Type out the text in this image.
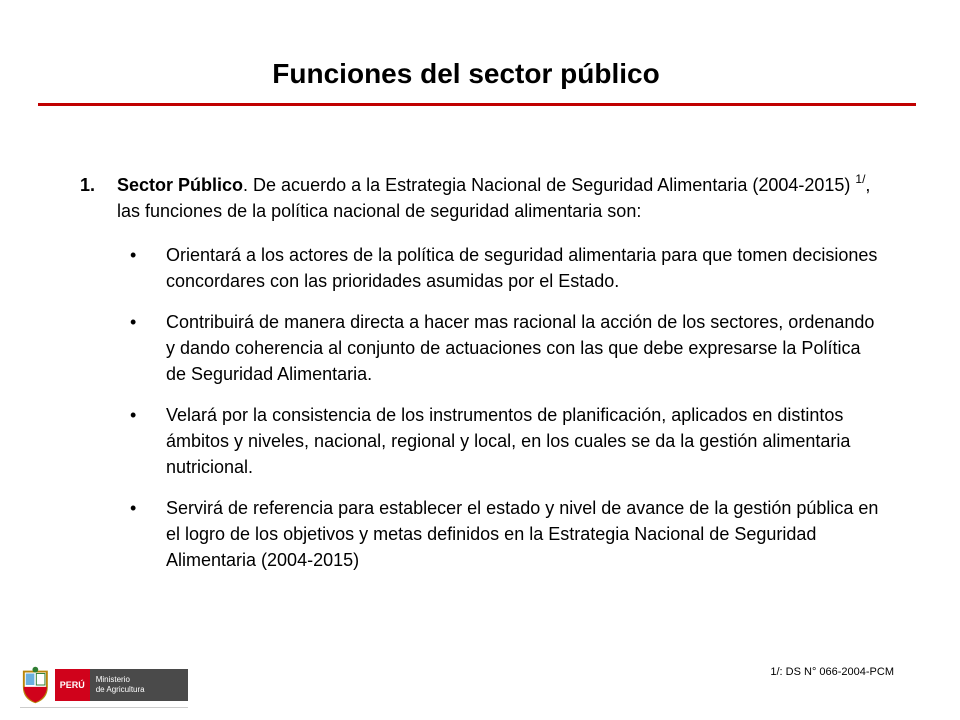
Funciones del sector público
1.	Sector Público. De acuerdo a la Estrategia Nacional de Seguridad Alimentaria (2004-2015) $^{1/}$, las funciones de la política nacional de seguridad alimentaria son:
•	Orientará a los actores de la política de seguridad alimentaria para que tomen decisiones concordares con las prioridades asumidas por el Estado.
•	Contribuirá de manera directa a hacer mas racional la acción de los sectores, ordenando y dando coherencia al conjunto de actuaciones con las que debe expresarse la Política de Seguridad Alimentaria.
•	Velará por la consistencia de los instrumentos de planificación, aplicados en distintos ámbitos y niveles, nacional, regional y local, en los cuales se da la gestión alimentaria nutricional.
•	Servirá de referencia para establecer el estado y nivel de avance de la gestión pública en el logro de los objetivos y metas definidos en la Estrategia Nacional de Seguridad Alimentaria (2004-2015)
1/: DS N° 066-2004-PCM
PERÚ
Ministerio
de Agricultura
